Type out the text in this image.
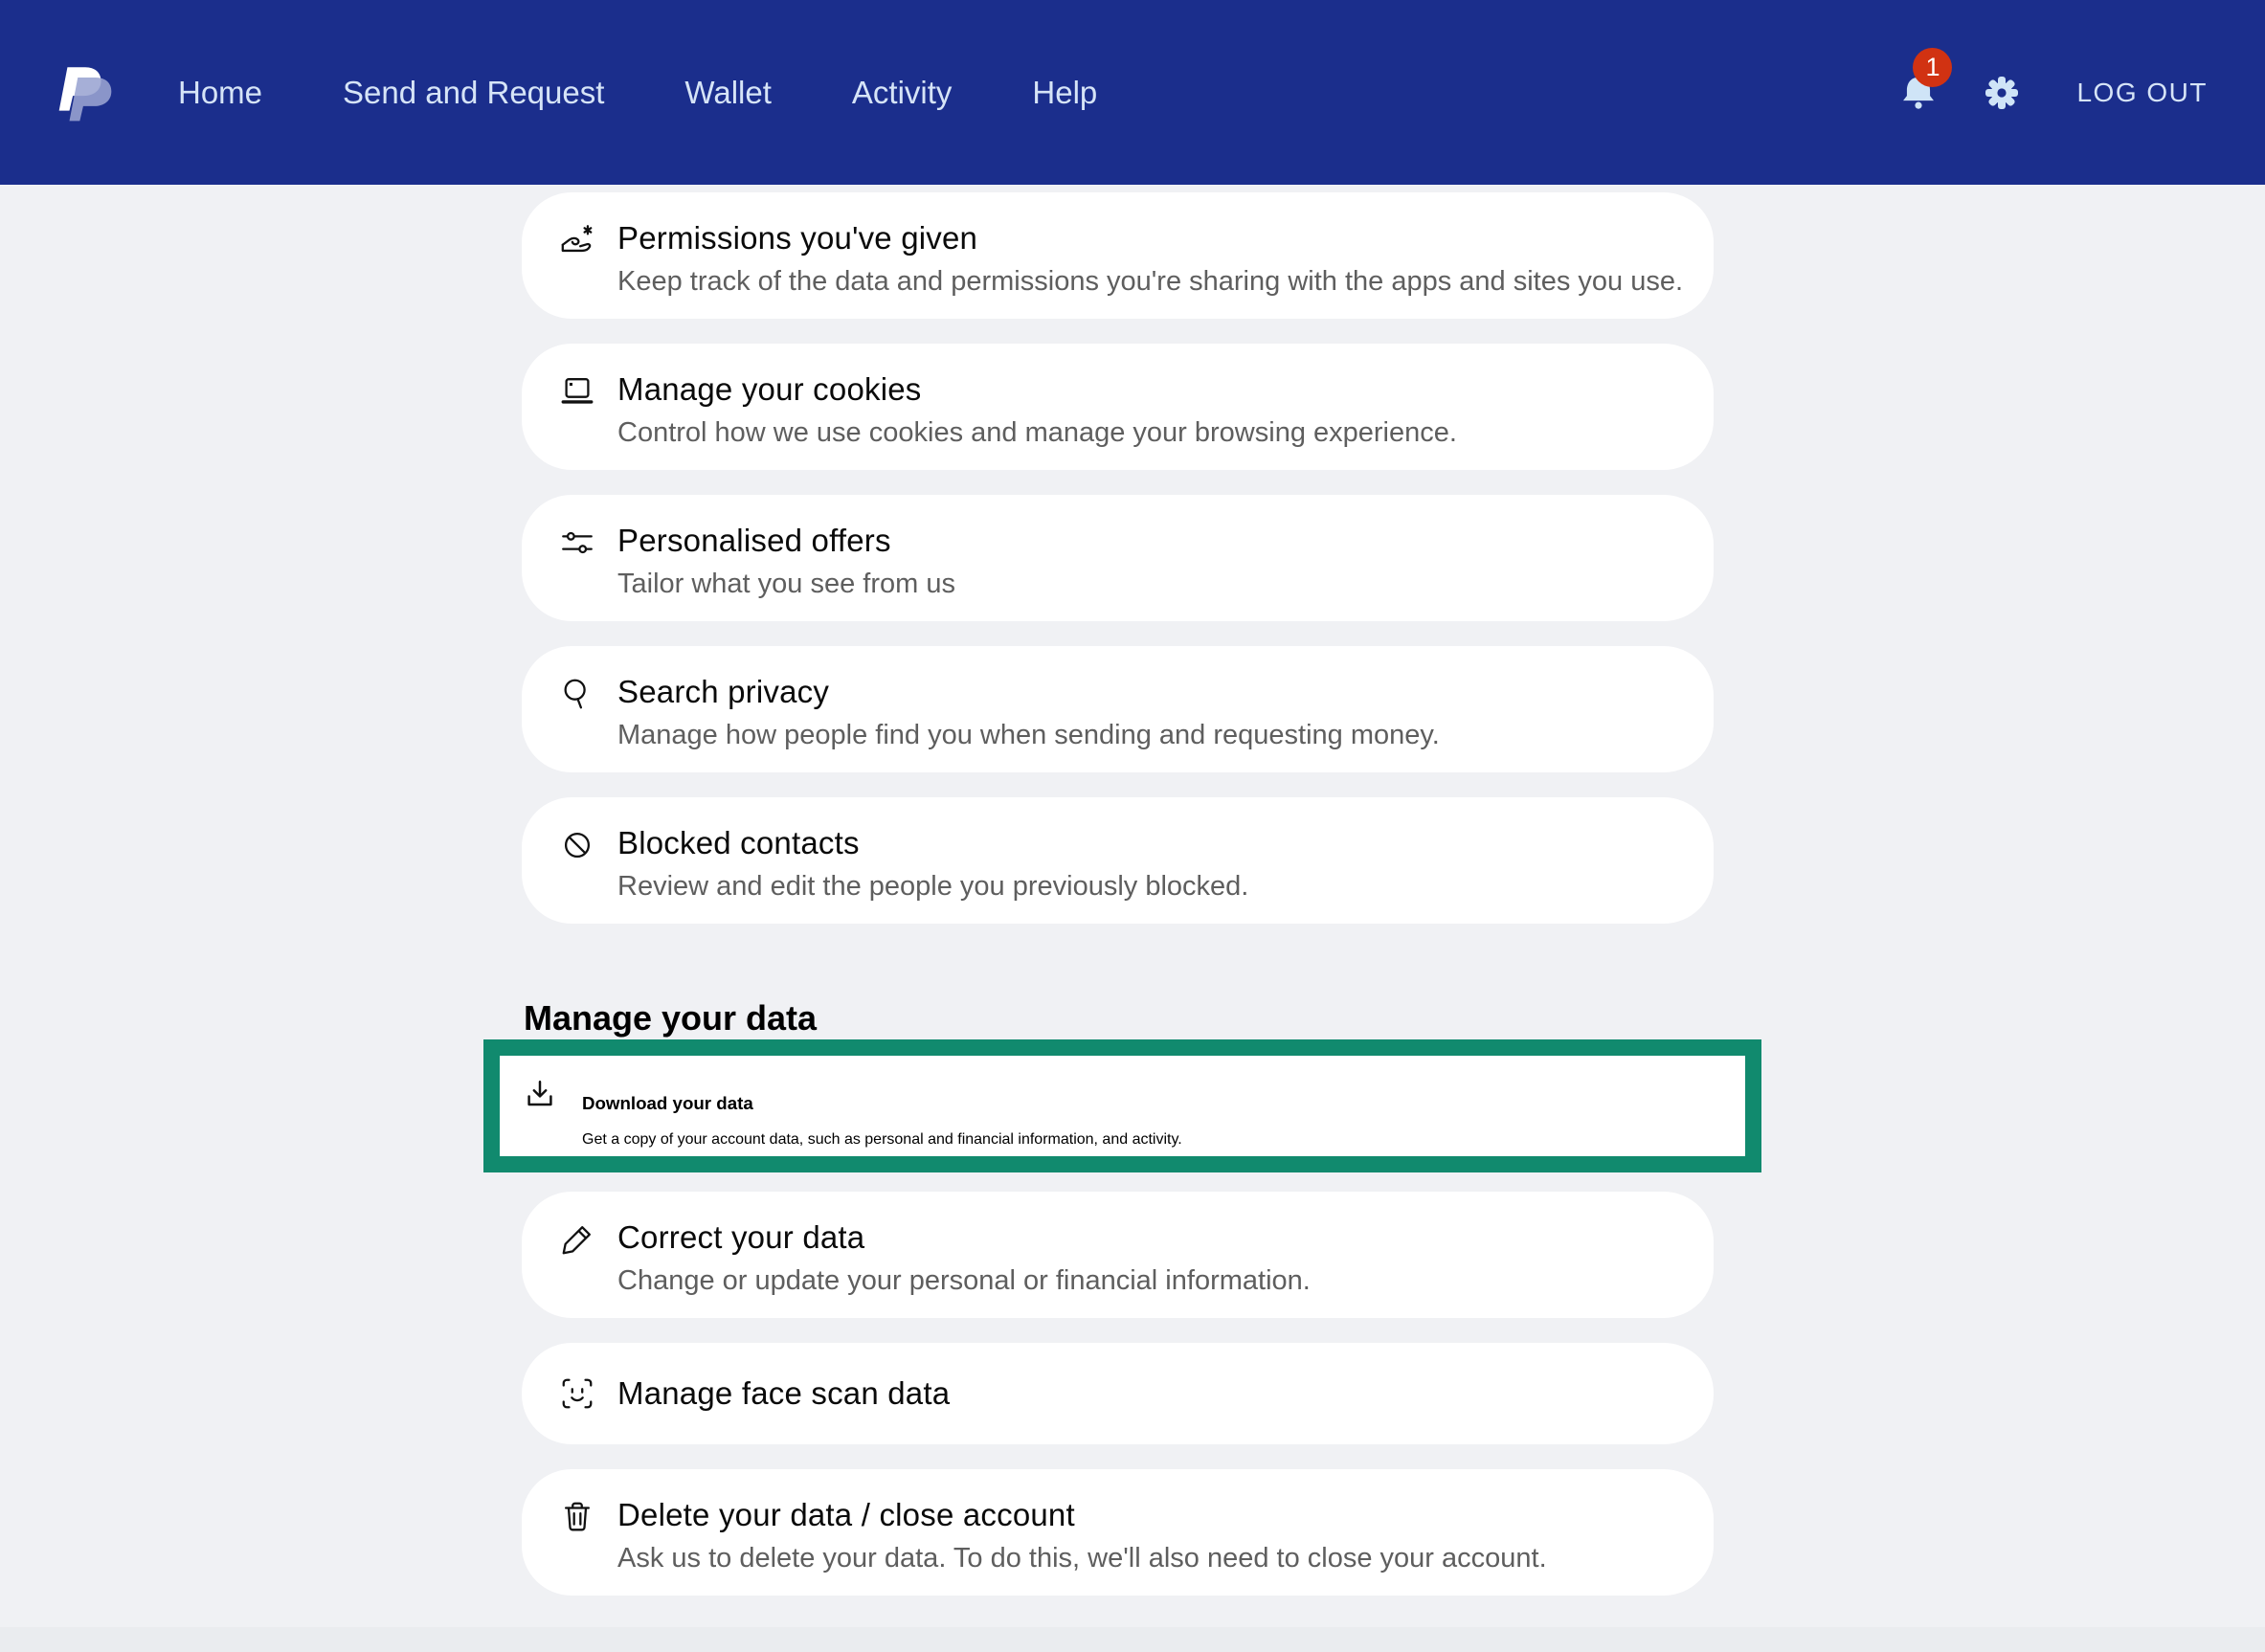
Home	Send and Request	Wallet	Activity	Help
1
LOG OUT
Permissions you've given

Keep track of the data and permissions you're sharing with the apps and sites you use.

Manage your cookies

Control how we use cookies and manage your browsing experience.

Personalised offers

Tailor what you see from us

Search privacy

Manage how people find you when sending and requesting money.

Blocked contacts

Review and edit the people you previously blocked.

Manage your data
Download your data

Get a copy of your account data, such as personal and financial information, and activity.

Correct your data

Change or update your personal or financial information.

Manage face scan data
Delete your data / close account

Ask us to delete your data. To do this, we'll also need to close your account.
